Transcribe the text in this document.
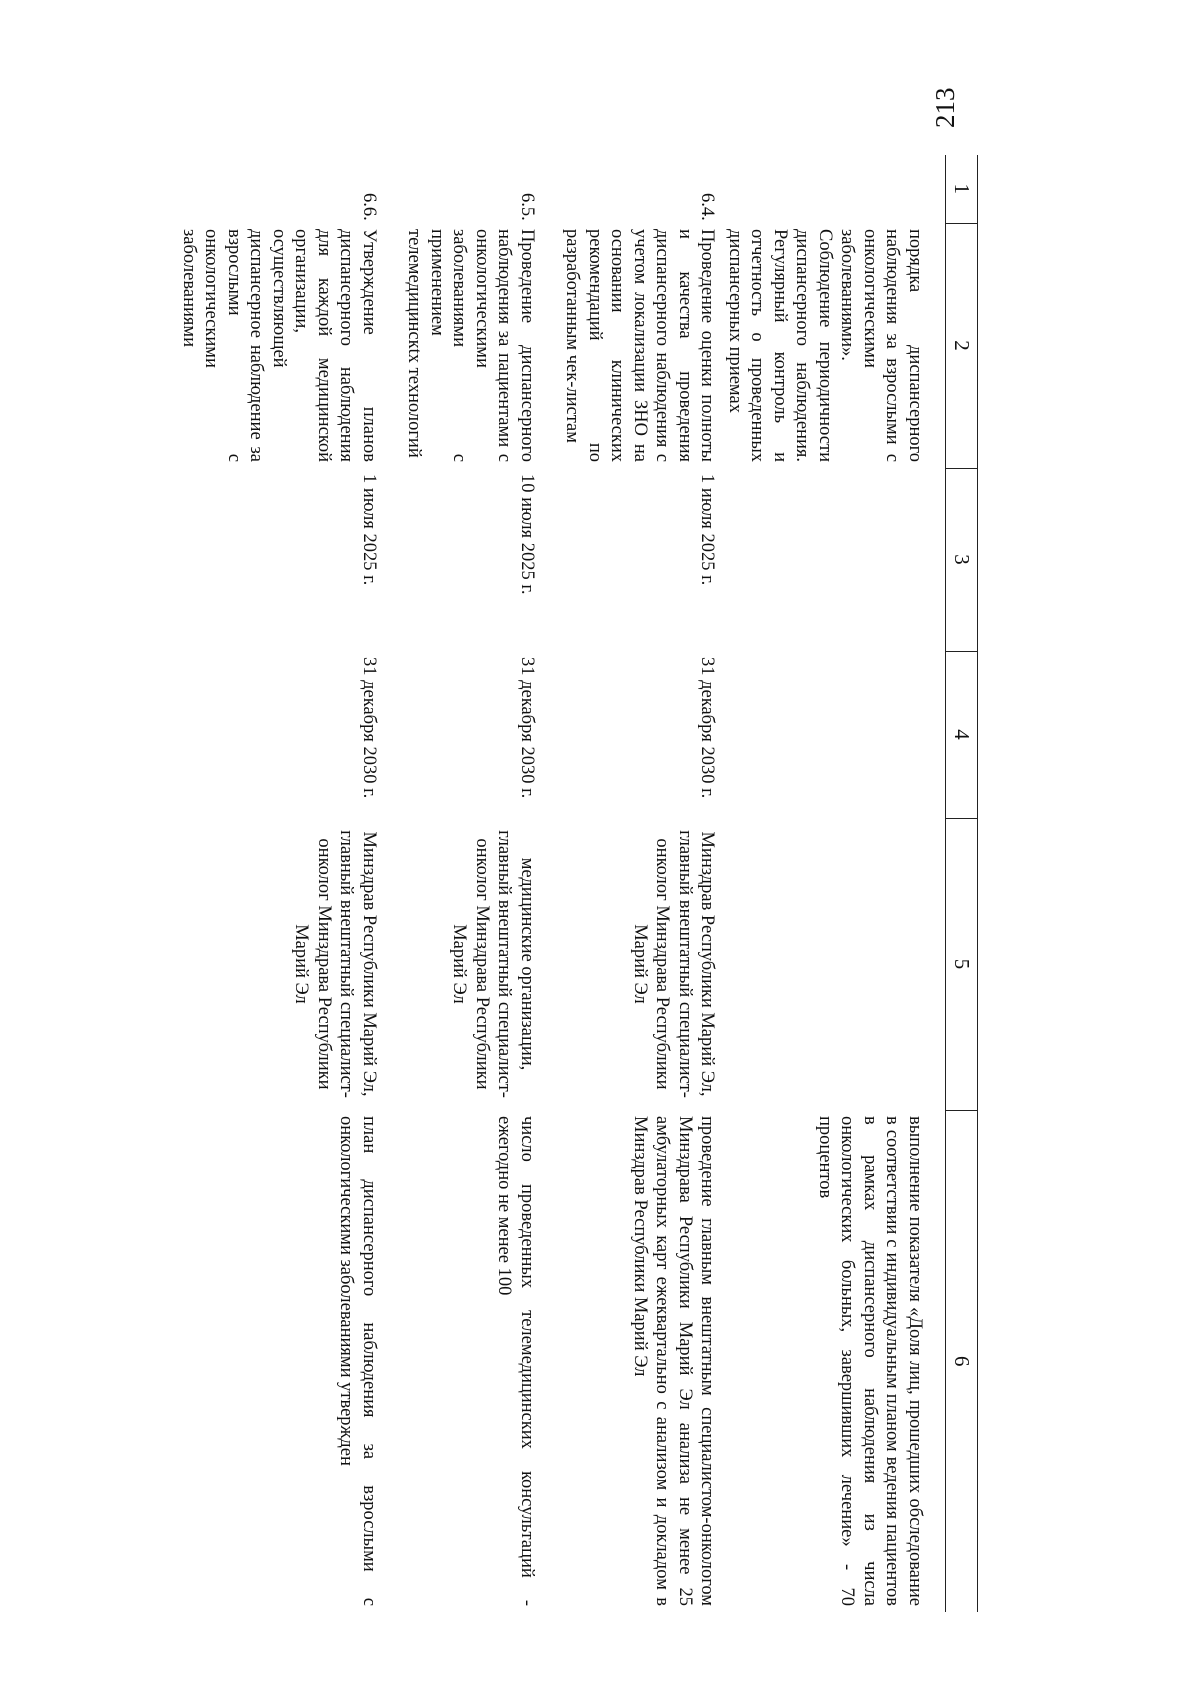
213
1	2	3	4	5	6
	порядка диспансерного наблюдения за взрослыми с онкологическими заболеваниями». Соблюдение периодичности диспансерного наблюдения. Регулярный контроль и отчетность о проведенных диспансерных приемах				выполнение показателя «Доля лиц, прошедших обследование в соответствии с индивидуальным планом ведения пациентов в рамках диспансерного наблюдения из числа онкологических больных, завершивших лечение» - 70 процентов
6.4.	Проведение оценки полноты и качества проведения диспансерного наблюдения с учетом локализации ЗНО на основании клинических рекомендаций по разработанным чек-листам	1 июля 2025 г.	31 декабря 2030 г.	Минздрав Республики Марий Эл, главный внештатный специалист-онколог Минздрава Республики Марий Эл	проведение главным внештатным специалистом-онкологом Минздрава Республики Марий Эл анализа не менее 25 амбулаторных карт ежеквартально с анализом и докладом в Минздрав Республики Марий Эл
6.5.	Проведение диспансерного наблюдения за пациентами с онкологическими заболеваниями с применением телемедицинскtх технологий	10 июля 2025 г.	31 декабря 2030 г.	медицинские организации, главный внештатный специалист-онколог Минздрава Республики Марий Эл	число проведенных телемедицинских консультаций - ежегодно не менее 100
6.6.	Утверждение планов диспансерного наблюдения для каждой медицинской организации, осуществляющей диспансерное наблюдение за взрослыми с онкологическими заболеваниями	1 июля 2025 г.	31 декабря 2030 г.	Минздрав Республики Марий Эл, главный внештатный специалист-онколог Минздрава Республики Марий Эл	план диспансерного наблюдения за взрослыми с онкологическими заболеваниями утвержден
